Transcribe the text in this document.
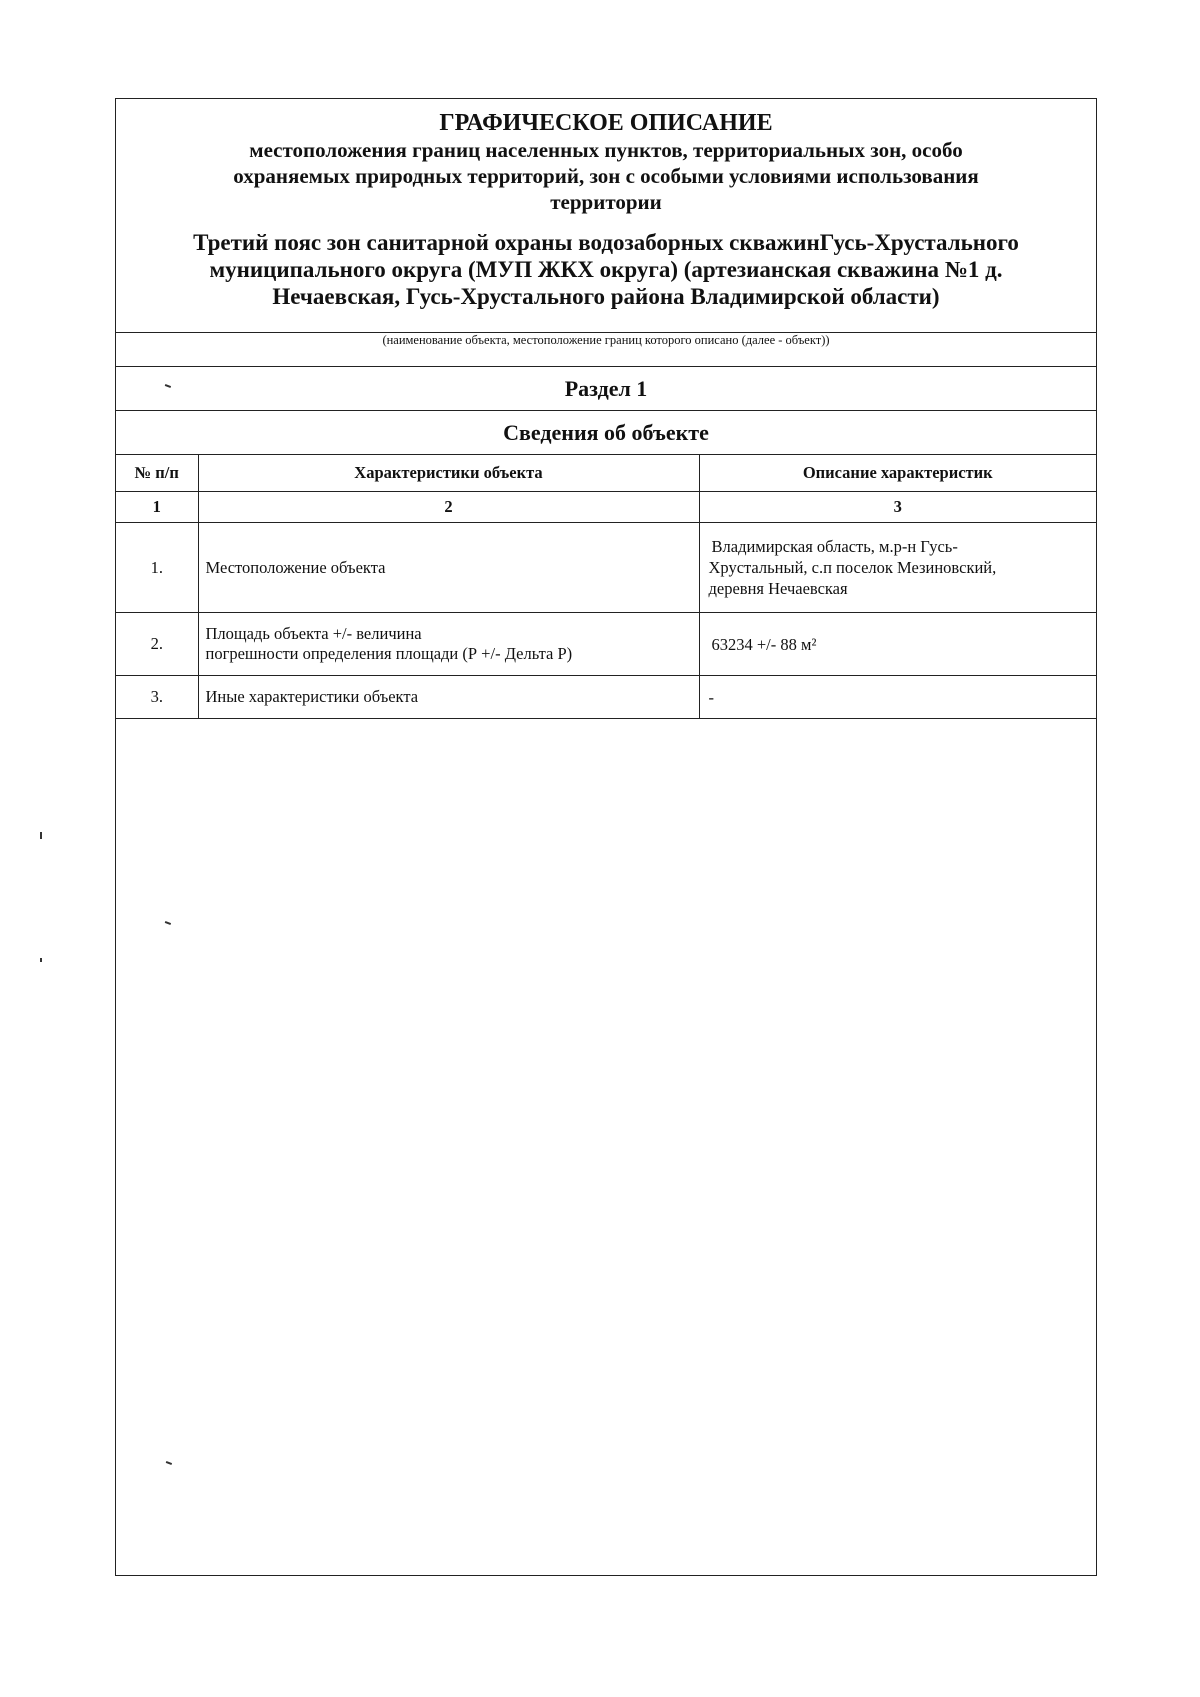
ГРАФИЧЕСКОЕ ОПИСАНИЕ
местоположения границ населенных пунктов, территориальных зон, особо
охраняемых природных территорий, зон с особыми условиями использования
территории
Третий пояс зон санитарной охраны водозаборных скважинГусь-Хрустального
муниципального округа (МУП ЖКХ округа) (артезианская скважина №1 д.
Нечаевская, Гусь-Хрустального района Владимирской области)
(наименование объекта, местоположение границ которого описано (далее - объект))
Раздел 1
Сведения об объекте
№ п/п	Характеристики объекта	Описание характеристик
1	2	3
1.	Местоположение объекта	Владимирская область, м.р-н Гусь-
Хрустальный, с.п поселок Мезиновский,
деревня Нечаевская

2.	Площадь объекта +/- величина
погрешности определения площади (Р +/- Дельта Р)	63234 +/- 88 м²

3.	Иные характеристики объекта	-
